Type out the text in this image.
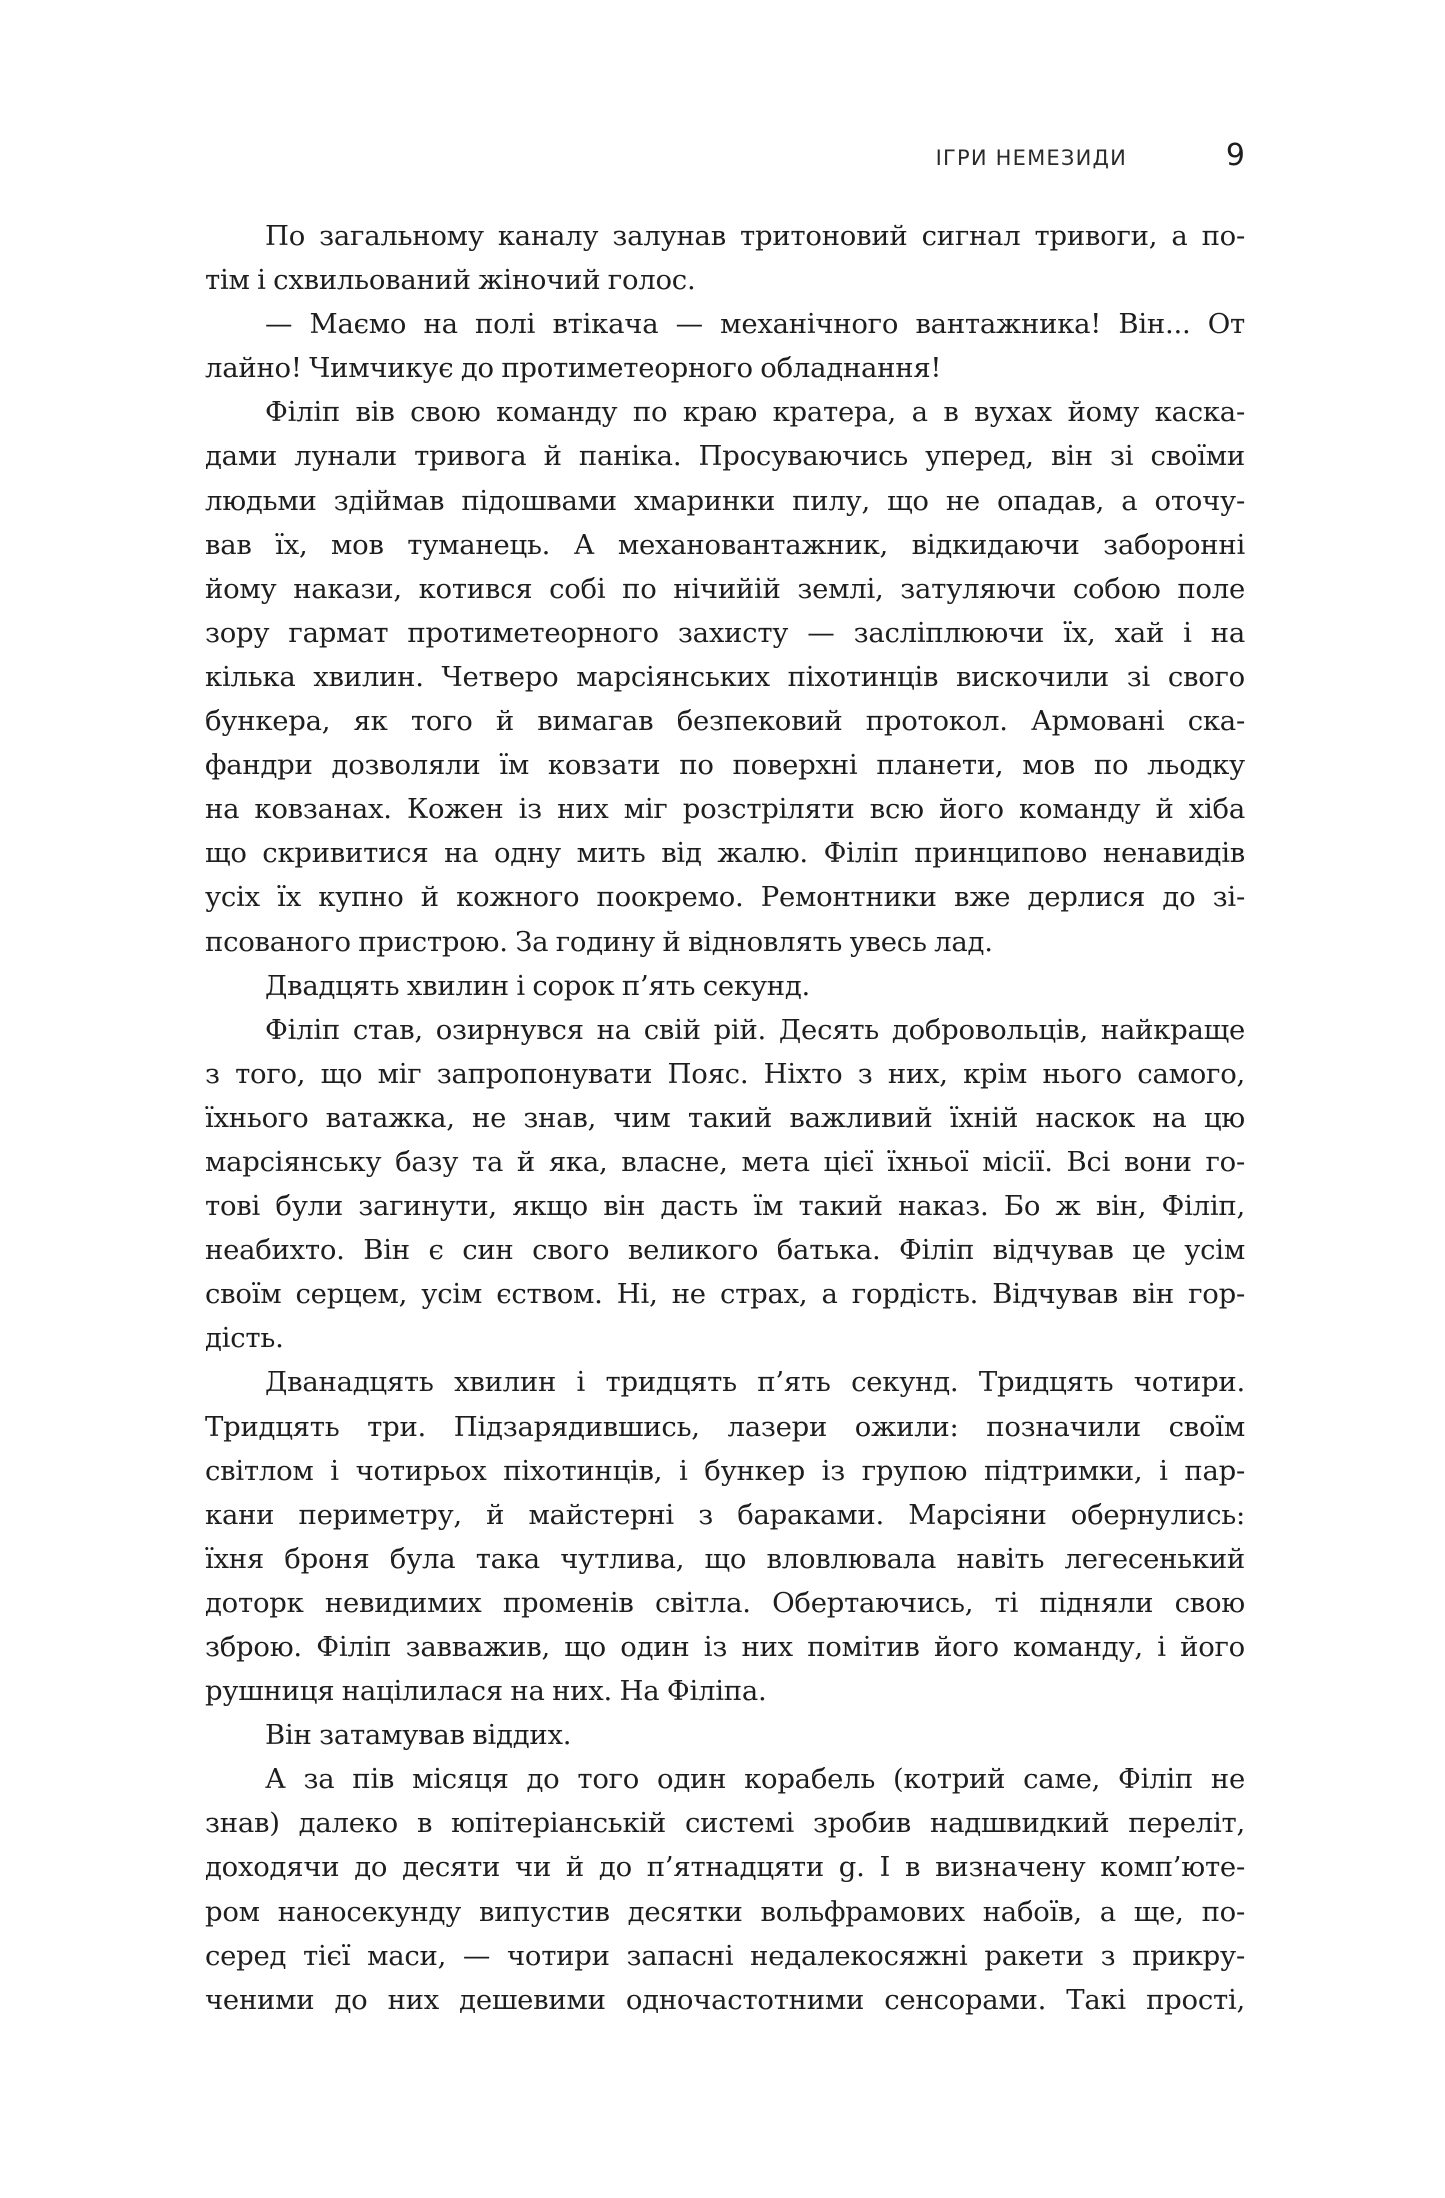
ІГРИ НЕМЕЗИДИ	9
По загальному каналу залунав тритоновий сигнал тривоги, а по-
тім і схвильований жіночий голос.
— Маємо на полі втікача — механічного вантажника! Він... От
лайно! Чимчикує до протиметеорного обладнання!
Філіп вів свою команду по краю кратера, а в вухах йому каска-
дами лунали тривога й паніка. Просуваючись уперед, він зі своїми
людьми здіймав підошвами хмаринки пилу, що не опадав, а оточу-
вав їх, мов туманець. А механовантажник, відкидаючи заборонні
йому накази, котився собі по нічийій землі, затуляючи собою поле
зору гармат протиметеорного захисту — засліплюючи їх, хай і на
кілька хвилин. Четверо марсіянських піхотинців вискочили зі свого
бункера, як того й вимагав безпековий протокол. Армовані ска-
фандри дозволяли їм ковзати по поверхні планети, мов по льодку
на ковзанах. Кожен із них міг розстріляти всю його команду й хіба
що скривитися на одну мить від жалю. Філіп принципово ненавидів
усіх їх купно й кожного поокремо. Ремонтники вже дерлися до зі-
псованого пристрою. За годину й відновлять увесь лад.
Двадцять хвилин і сорок п’ять секунд.
Філіп став, озирнувся на свій рій. Десять добровольців, найкраще
з того, що міг запропонувати Пояс. Ніхто з них, крім нього самого,
їхнього ватажка, не знав, чим такий важливий їхній наскок на цю
марсіянську базу та й яка, власне, мета цієї їхньої місії. Всі вони го-
тові були загинути, якщо він дасть їм такий наказ. Бо ж він, Філіп,
неабихто. Він є син свого великого батька. Філіп відчував це усім
своїм серцем, усім єством. Ні, не страх, а гордість. Відчував він гор-
дість.
Дванадцять хвилин і тридцять п’ять секунд. Тридцять чотири.
Тридцять три. Підзарядившись, лазери ожили: позначили своїм
світлом і чотирьох піхотинців, і бункер із групою підтримки, і пар-
кани периметру, й майстерні з бараками. Марсіяни обернулись:
їхня броня була така чутлива, що вловлювала навіть легесенький
доторк невидимих променів світла. Обертаючись, ті підняли свою
зброю. Філіп завважив, що один із них помітив його команду, і його
рушниця націлилася на них. На Філіпа.
Він затамував віддих.
А за пів місяця до того один корабель (котрий саме, Філіп не
знав) далеко в юпітеріанській системі зробив надшвидкий переліт,
доходячи до десяти чи й до п’ятнадцяти g. І в визначену комп’юте-
ром наносекунду випустив десятки вольфрамових набоїв, а ще, по-
серед тієї маси, — чотири запасні недалекосяжні ракети з прикру-
ченими до них дешевими одночастотними сенсорами. Такі прості,
